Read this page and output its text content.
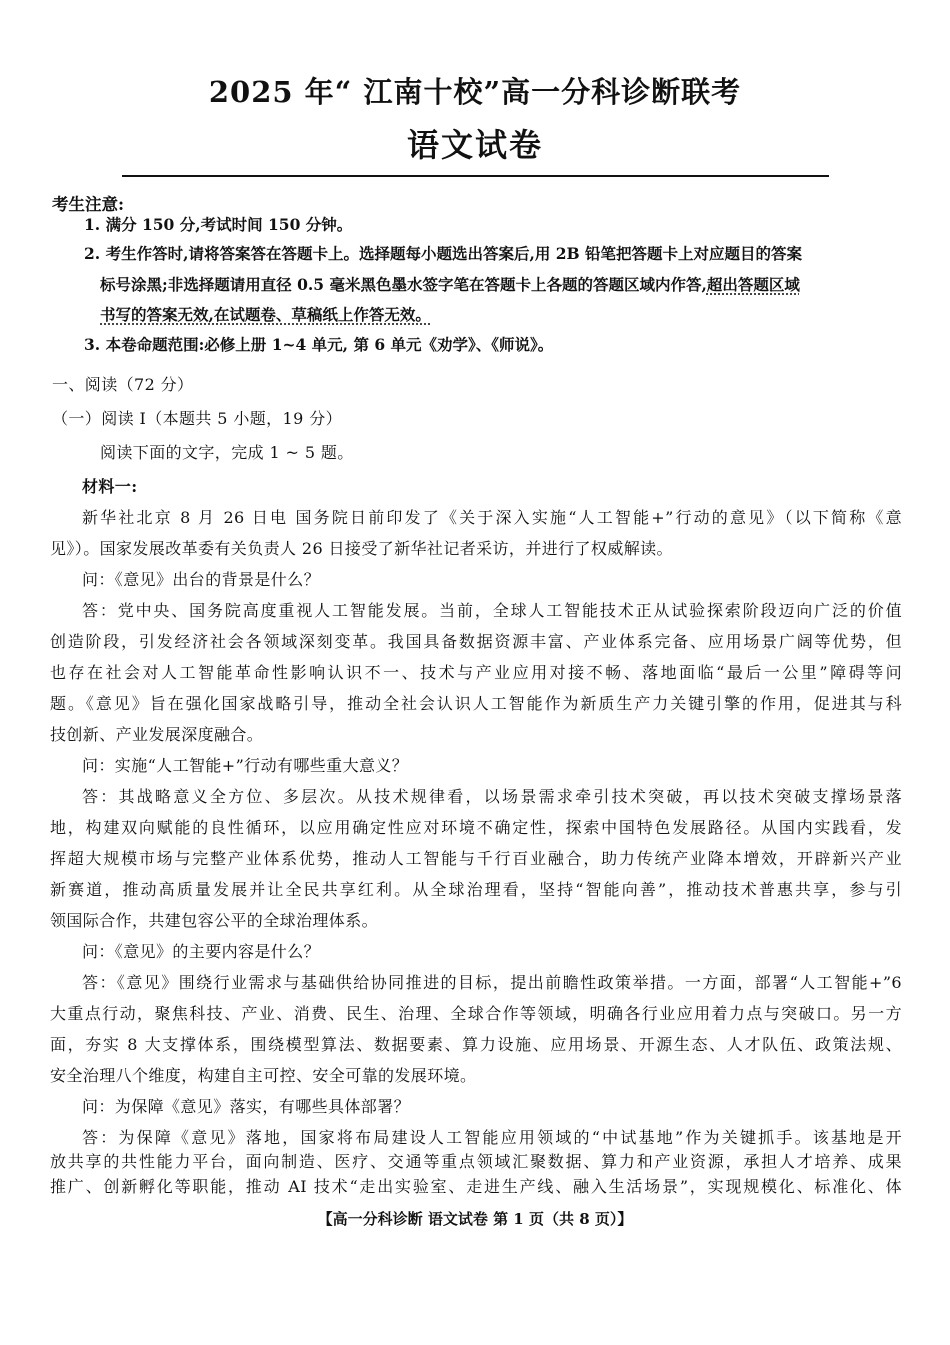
2025 年“ 江南十校”高一分科诊断联考
语文试卷
考生注意:
1. 满分 150 分,考试时间 150 分钟。
2. 考生作答时,请将答案答在答题卡上。选择题每小题选出答案后,用 2B 铅笔把答题卡上对应题目的答案
标号涂黑;非选择题请用直径 0.5 毫米黑色墨水签字笔在答题卡上各题的答题区域内作答,超出答题区域
书写的答案无效,在试题卷、草稿纸上作答无效。
3. 本卷命题范围:必修上册 1~4 单元, 第 6 单元《劝学》、《师说》。
一、阅读（72 分）
（一）阅读 I（本题共 5 小题，19 分）
阅读下面的文字，完成 1 ~ 5 题。
材料一:
新华社北京 8 月 26 日电 国务院日前印发了《关于深入实施“人工智能+”行动的意见》（以下简称《意
见》）。国家发展改革委有关负责人 26 日接受了新华社记者采访，并进行了权威解读。
问：《意见》出台的背景是什么？
答：党中央、国务院高度重视人工智能发展。当前，全球人工智能技术正从试验探索阶段迈向广泛的价值
创造阶段，引发经济社会各领域深刻变革。我国具备数据资源丰富、产业体系完备、应用场景广阔等优势，但
也存在社会对人工智能革命性影响认识不一、技术与产业应用对接不畅、落地面临“最后一公里”障碍等问
题。《意见》旨在强化国家战略引导，推动全社会认识人工智能作为新质生产力关键引擎的作用，促进其与科
技创新、产业发展深度融合。
问：实施“人工智能+”行动有哪些重大意义？
答：其战略意义全方位、多层次。从技术规律看，以场景需求牵引技术突破，再以技术突破支撑场景落
地，构建双向赋能的良性循环，以应用确定性应对环境不确定性，探索中国特色发展路径。从国内实践看，发
挥超大规模市场与完整产业体系优势，推动人工智能与千行百业融合，助力传统产业降本增效，开辟新兴产业
新赛道，推动高质量发展并让全民共享红利。从全球治理看，坚持“智能向善”，推动技术普惠共享，参与引
领国际合作，共建包容公平的全球治理体系。
问：《意见》的主要内容是什么？
答：《意见》围绕行业需求与基础供给协同推进的目标，提出前瞻性政策举措。一方面，部署“人工智能+”6
大重点行动，聚焦科技、产业、消费、民生、治理、全球合作等领域，明确各行业应用着力点与突破口。另一方
面，夯实 8 大支撑体系，围绕模型算法、数据要素、算力设施、应用场景、开源生态、人才队伍、政策法规、
安全治理八个维度，构建自主可控、安全可靠的发展环境。
问：为保障《意见》落实，有哪些具体部署？
答：为保障《意见》落地，国家将布局建设人工智能应用领域的“中试基地”作为关键抓手。该基地是开
放共享的共性能力平台，面向制造、医疗、交通等重点领域汇聚数据、算力和产业资源，承担人才培养、成果
推广、创新孵化等职能，推动 AI 技术“走出实验室、走进生产线、融入生活场景”，实现规模化、标准化、体
【高一分科诊断 语文试卷 第 1 页（共 8 页）】
